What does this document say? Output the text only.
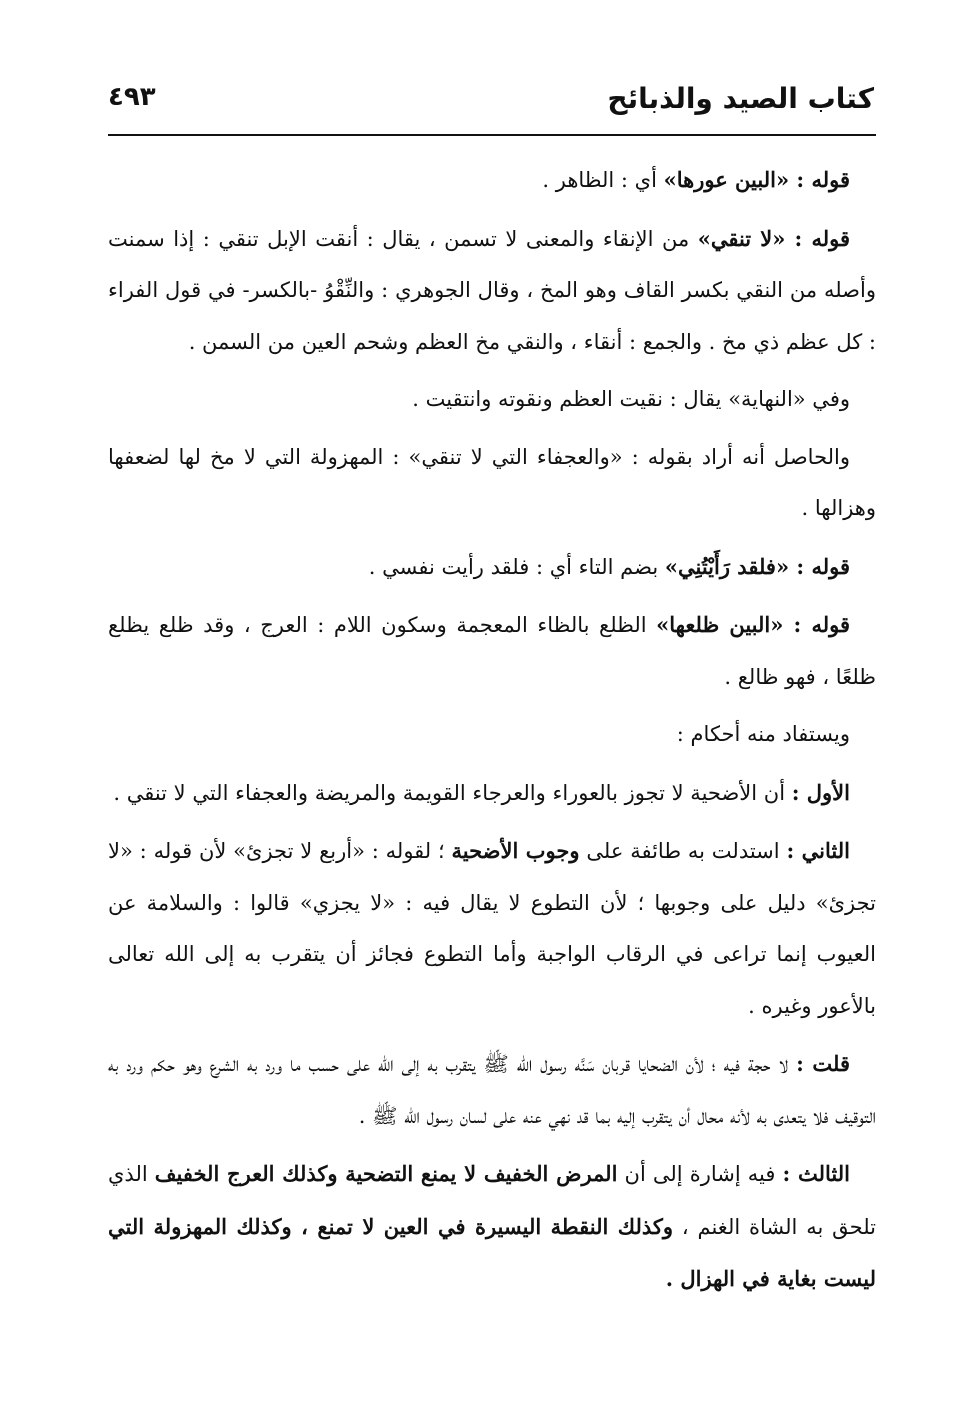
كتاب الصيد والذبائح
٤٩٣

قوله : «البين عورها» أي : الظاهر .

قوله : «لا تنقي» من الإنقاء والمعنى لا تسمن ، يقال : أنقت الإبل تنقي : إذا سمنت وأصله من النقي بكسر القاف وهو المخ ، وقال الجوهري : والنِّقْوُ -بالكسر- في قول الفراء : كل عظم ذي مخ . والجمع : أنقاء ، والنقي مخ العظم وشحم العين من السمن .

وفي «النهاية» يقال : نقيت العظم ونقوته وانتقيت .

والحاصل أنه أراد بقوله : «والعجفاء التي لا تنقي» : المهزولة التي لا مخ لها لضعفها وهزالها .

قوله : «فلقد رَأَيْتُنِي» بضم التاء أي : فلقد رأيت نفسي .

قوله : «البين ظلعها» الظلع بالظاء المعجمة وسكون اللام : العرج ، وقد ظلع يظلع ظلعًا ، فهو ظالع .

ويستفاد منه أحكام :

الأول : أن الأضحية لا تجوز بالعوراء والعرجاء القويمة والمريضة والعجفاء التي لا تنقي .

الثاني : استدلت به طائفة على وجوب الأضحية ؛ لقوله : «أربع لا تجزئ» لأن قوله : «لا تجزئ» دليل على وجوبها ؛ لأن التطوع لا يقال فيه : «لا يجزي» قالوا : والسلامة عن العيوب إنما تراعى في الرقاب الواجبة وأما التطوع فجائز أن يتقرب به إلى الله تعالى بالأعور وغيره .

قلت : لا حجة فيه ؛ لأن الضحايا قربان سَنَّه رسول الله ﷺ يتقرب به إلى الله على حسب ما ورد به الشرع وهو حكم ورد به التوقيف فلا يتعدى به لأنه محال أن يتقرب إليه بما قد نهي عنه على لسان رسول الله ﷺ .

الثالث : فيه إشارة إلى أن المرض الخفيف لا يمنع التضحية وكذلك العرج الخفيف الذي تلحق به الشاة الغنم ، وكذلك النقطة اليسيرة في العين لا تمنع ، وكذلك المهزولة التي ليست بغاية في الهزال .
